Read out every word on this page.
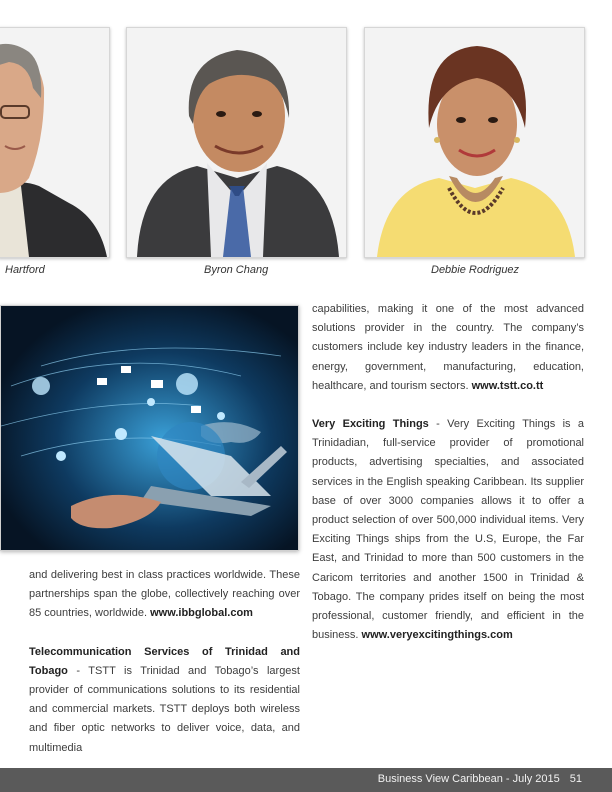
Hartford	Byron Chang	Debbie Rodriguez

and delivering best in class practices worldwide. These partnerships span the globe, collectively reaching over 85 countries, worldwide. www.ibbglobal.com

Telecommunication Services of Trinidad and Tobago - TSTT is Trinidad and Tobago’s largest provider of communications solutions to its residential and commercial markets. TSTT deploys both wireless and fiber optic networks to deliver voice, data, and multimedia

capabilities, making it one of the most advanced solutions provider in the country. The company’s customers include key industry leaders in the finance, energy, government, manufacturing, education, healthcare, and tourism sectors. www.tstt.co.tt

Very Exciting Things - Very Exciting Things is a Trinidadian, full-service provider of promotional products, advertising specialties, and associated services in the English speaking Caribbean. Its supplier base of over 3000 companies allows it to offer a product selection of over 500,000 individual items. Very Exciting Things ships from the U.S, Europe, the Far East, and Trinidad to more than 500 customers in the Caricom territories and another 1500 in Trinidad & Tobago. The company prides itself on being the most professional, customer friendly, and efficient in the business. www.veryexcitingthings.com

Business View Caribbean - July 2015 51
